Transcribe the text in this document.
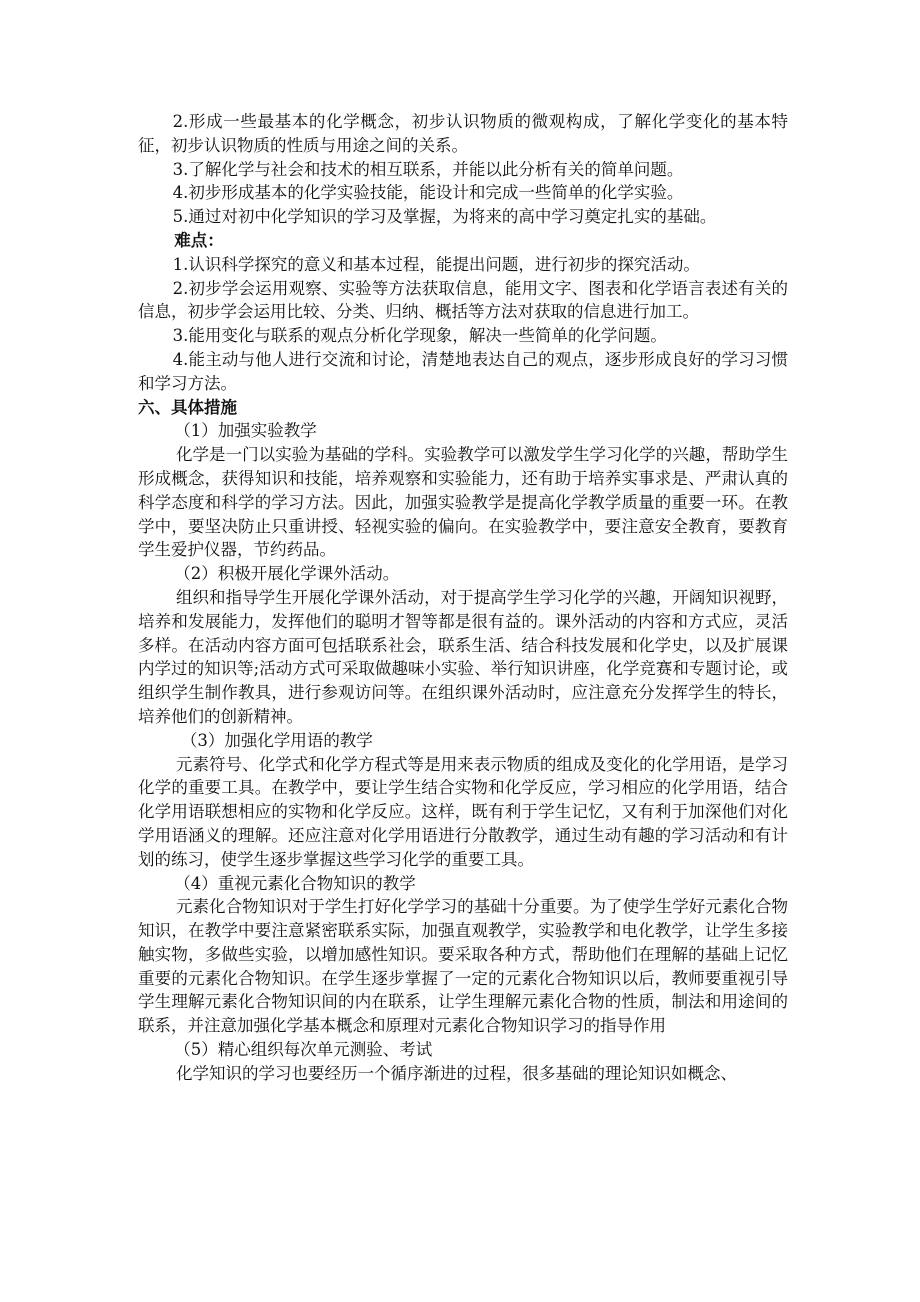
2.形成一些最基本的化学概念，初步认识物质的微观构成，了解化学变化的基本特征，初步认识物质的性质与用途之间的关系。

3.了解化学与社会和技术的相互联系，并能以此分析有关的简单问题。

4.初步形成基本的化学实验技能，能设计和完成一些简单的化学实验。

5.通过对初中化学知识的学习及掌握，为将来的高中学习奠定扎实的基础。

难点：

1.认识科学探究的意义和基本过程，能提出问题，进行初步的探究活动。

2.初步学会运用观察、实验等方法获取信息，能用文字、图表和化学语言表述有关的信息，初步学会运用比较、分类、归纳、概括等方法对获取的信息进行加工。

3.能用变化与联系的观点分析化学现象，解决一些简单的化学问题。

4.能主动与他人进行交流和讨论，清楚地表达自己的观点，逐步形成良好的学习习惯和学习方法。

六、具体措施

（1）加强实验教学

化学是一门以实验为基础的学科。实验教学可以激发学生学习化学的兴趣，帮助学生形成概念，获得知识和技能，培养观察和实验能力，还有助于培养实事求是、严肃认真的科学态度和科学的学习方法。因此，加强实验教学是提高化学教学质量的重要一环。在教学中，要坚决防止只重讲授、轻视实验的偏向。在实验教学中，要注意安全教育，要教育学生爱护仪器，节约药品。

（2）积极开展化学课外活动。

组织和指导学生开展化学课外活动，对于提高学生学习化学的兴趣，开阔知识视野，培养和发展能力，发挥他们的聪明才智等都是很有益的。课外活动的内容和方式应，灵活多样。在活动内容方面可包括联系社会，联系生活、结合科技发展和化学史，以及扩展课内学过的知识等;活动方式可采取做趣味小实验、举行知识讲座，化学竞赛和专题讨论，或组织学生制作教具，进行参观访问等。在组织课外活动时，应注意充分发挥学生的特长，培养他们的创新精神。

（3）加强化学用语的教学

元素符号、化学式和化学方程式等是用来表示物质的组成及变化的化学用语，是学习化学的重要工具。在教学中，要让学生结合实物和化学反应，学习相应的化学用语，结合化学用语联想相应的实物和化学反应。这样，既有利于学生记忆，又有利于加深他们对化学用语涵义的理解。还应注意对化学用语进行分散教学，通过生动有趣的学习活动和有计划的练习，使学生逐步掌握这些学习化学的重要工具。

（4）重视元素化合物知识的教学

元素化合物知识对于学生打好化学学习的基础十分重要。为了使学生学好元素化合物知识，在教学中要注意紧密联系实际，加强直观教学，实验教学和电化教学，让学生多接触实物，多做些实验，以增加感性知识。要采取各种方式，帮助他们在理解的基础上记忆重要的元素化合物知识。在学生逐步掌握了一定的元素化合物知识以后，教师要重视引导学生理解元素化合物知识间的内在联系，让学生理解元素化合物的性质，制法和用途间的联系，并注意加强化学基本概念和原理对元素化合物知识学习的指导作用

（5）精心组织每次单元测验、考试

化学知识的学习也要经历一个循序渐进的过程，很多基础的理论知识如概念、
